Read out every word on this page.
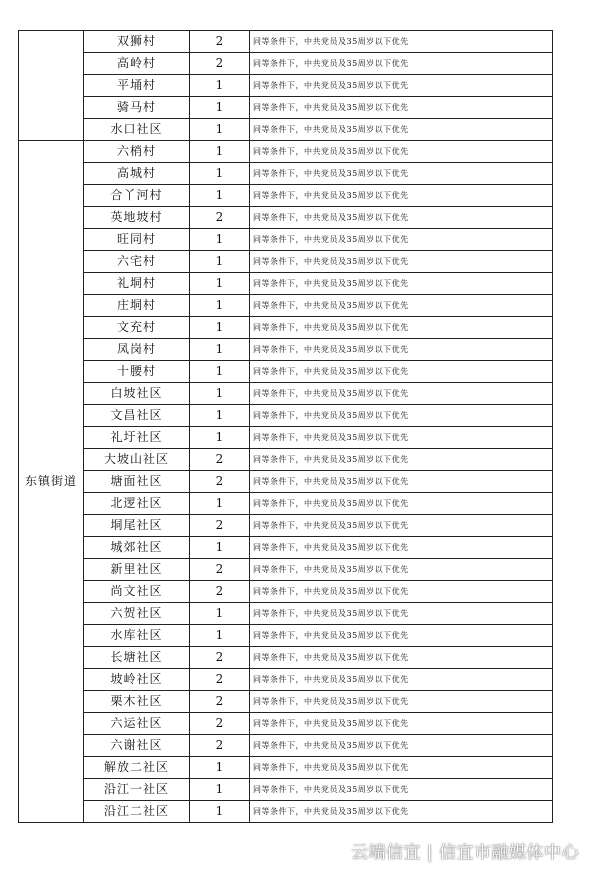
	双狮村	2	同等条件下，中共党员及35周岁以下优先
	高岭村	2	同等条件下，中共党员及35周岁以下优先
	平埇村	1	同等条件下，中共党员及35周岁以下优先
	骑马村	1	同等条件下，中共党员及35周岁以下优先
	水口社区	1	同等条件下，中共党员及35周岁以下优先
东镇街道	六梢村	1	同等条件下，中共党员及35周岁以下优先
	高城村	1	同等条件下，中共党员及35周岁以下优先
	合丫河村	1	同等条件下，中共党员及35周岁以下优先
	英地坡村	2	同等条件下，中共党员及35周岁以下优先
	旺同村	1	同等条件下，中共党员及35周岁以下优先
	六宅村	1	同等条件下，中共党员及35周岁以下优先
	礼垌村	1	同等条件下，中共党员及35周岁以下优先
	庄垌村	1	同等条件下，中共党员及35周岁以下优先
	文充村	1	同等条件下，中共党员及35周岁以下优先
	凤岗村	1	同等条件下，中共党员及35周岁以下优先
	十腰村	1	同等条件下，中共党员及35周岁以下优先
	白坡社区	1	同等条件下，中共党员及35周岁以下优先
	文昌社区	1	同等条件下，中共党员及35周岁以下优先
	礼圩社区	1	同等条件下，中共党员及35周岁以下优先
	大坡山社区	2	同等条件下，中共党员及35周岁以下优先
	塘面社区	2	同等条件下，中共党员及35周岁以下优先
	北逻社区	1	同等条件下，中共党员及35周岁以下优先
	垌尾社区	2	同等条件下，中共党员及35周岁以下优先
	城郊社区	1	同等条件下，中共党员及35周岁以下优先
	新里社区	2	同等条件下，中共党员及35周岁以下优先
	尚文社区	2	同等条件下，中共党员及35周岁以下优先
	六贺社区	1	同等条件下，中共党员及35周岁以下优先
	水库社区	1	同等条件下，中共党员及35周岁以下优先
	长塘社区	2	同等条件下，中共党员及35周岁以下优先
	坡岭社区	2	同等条件下，中共党员及35周岁以下优先
	栗木社区	2	同等条件下，中共党员及35周岁以下优先
	六运社区	2	同等条件下，中共党员及35周岁以下优先
	六谢社区	2	同等条件下，中共党员及35周岁以下优先
	解放二社区	1	同等条件下，中共党员及35周岁以下优先
	沿江一社区	1	同等条件下，中共党员及35周岁以下优先
	沿江二社区	1	同等条件下，中共党员及35周岁以下优先
云端信宜 | 信宜市融媒体中心
